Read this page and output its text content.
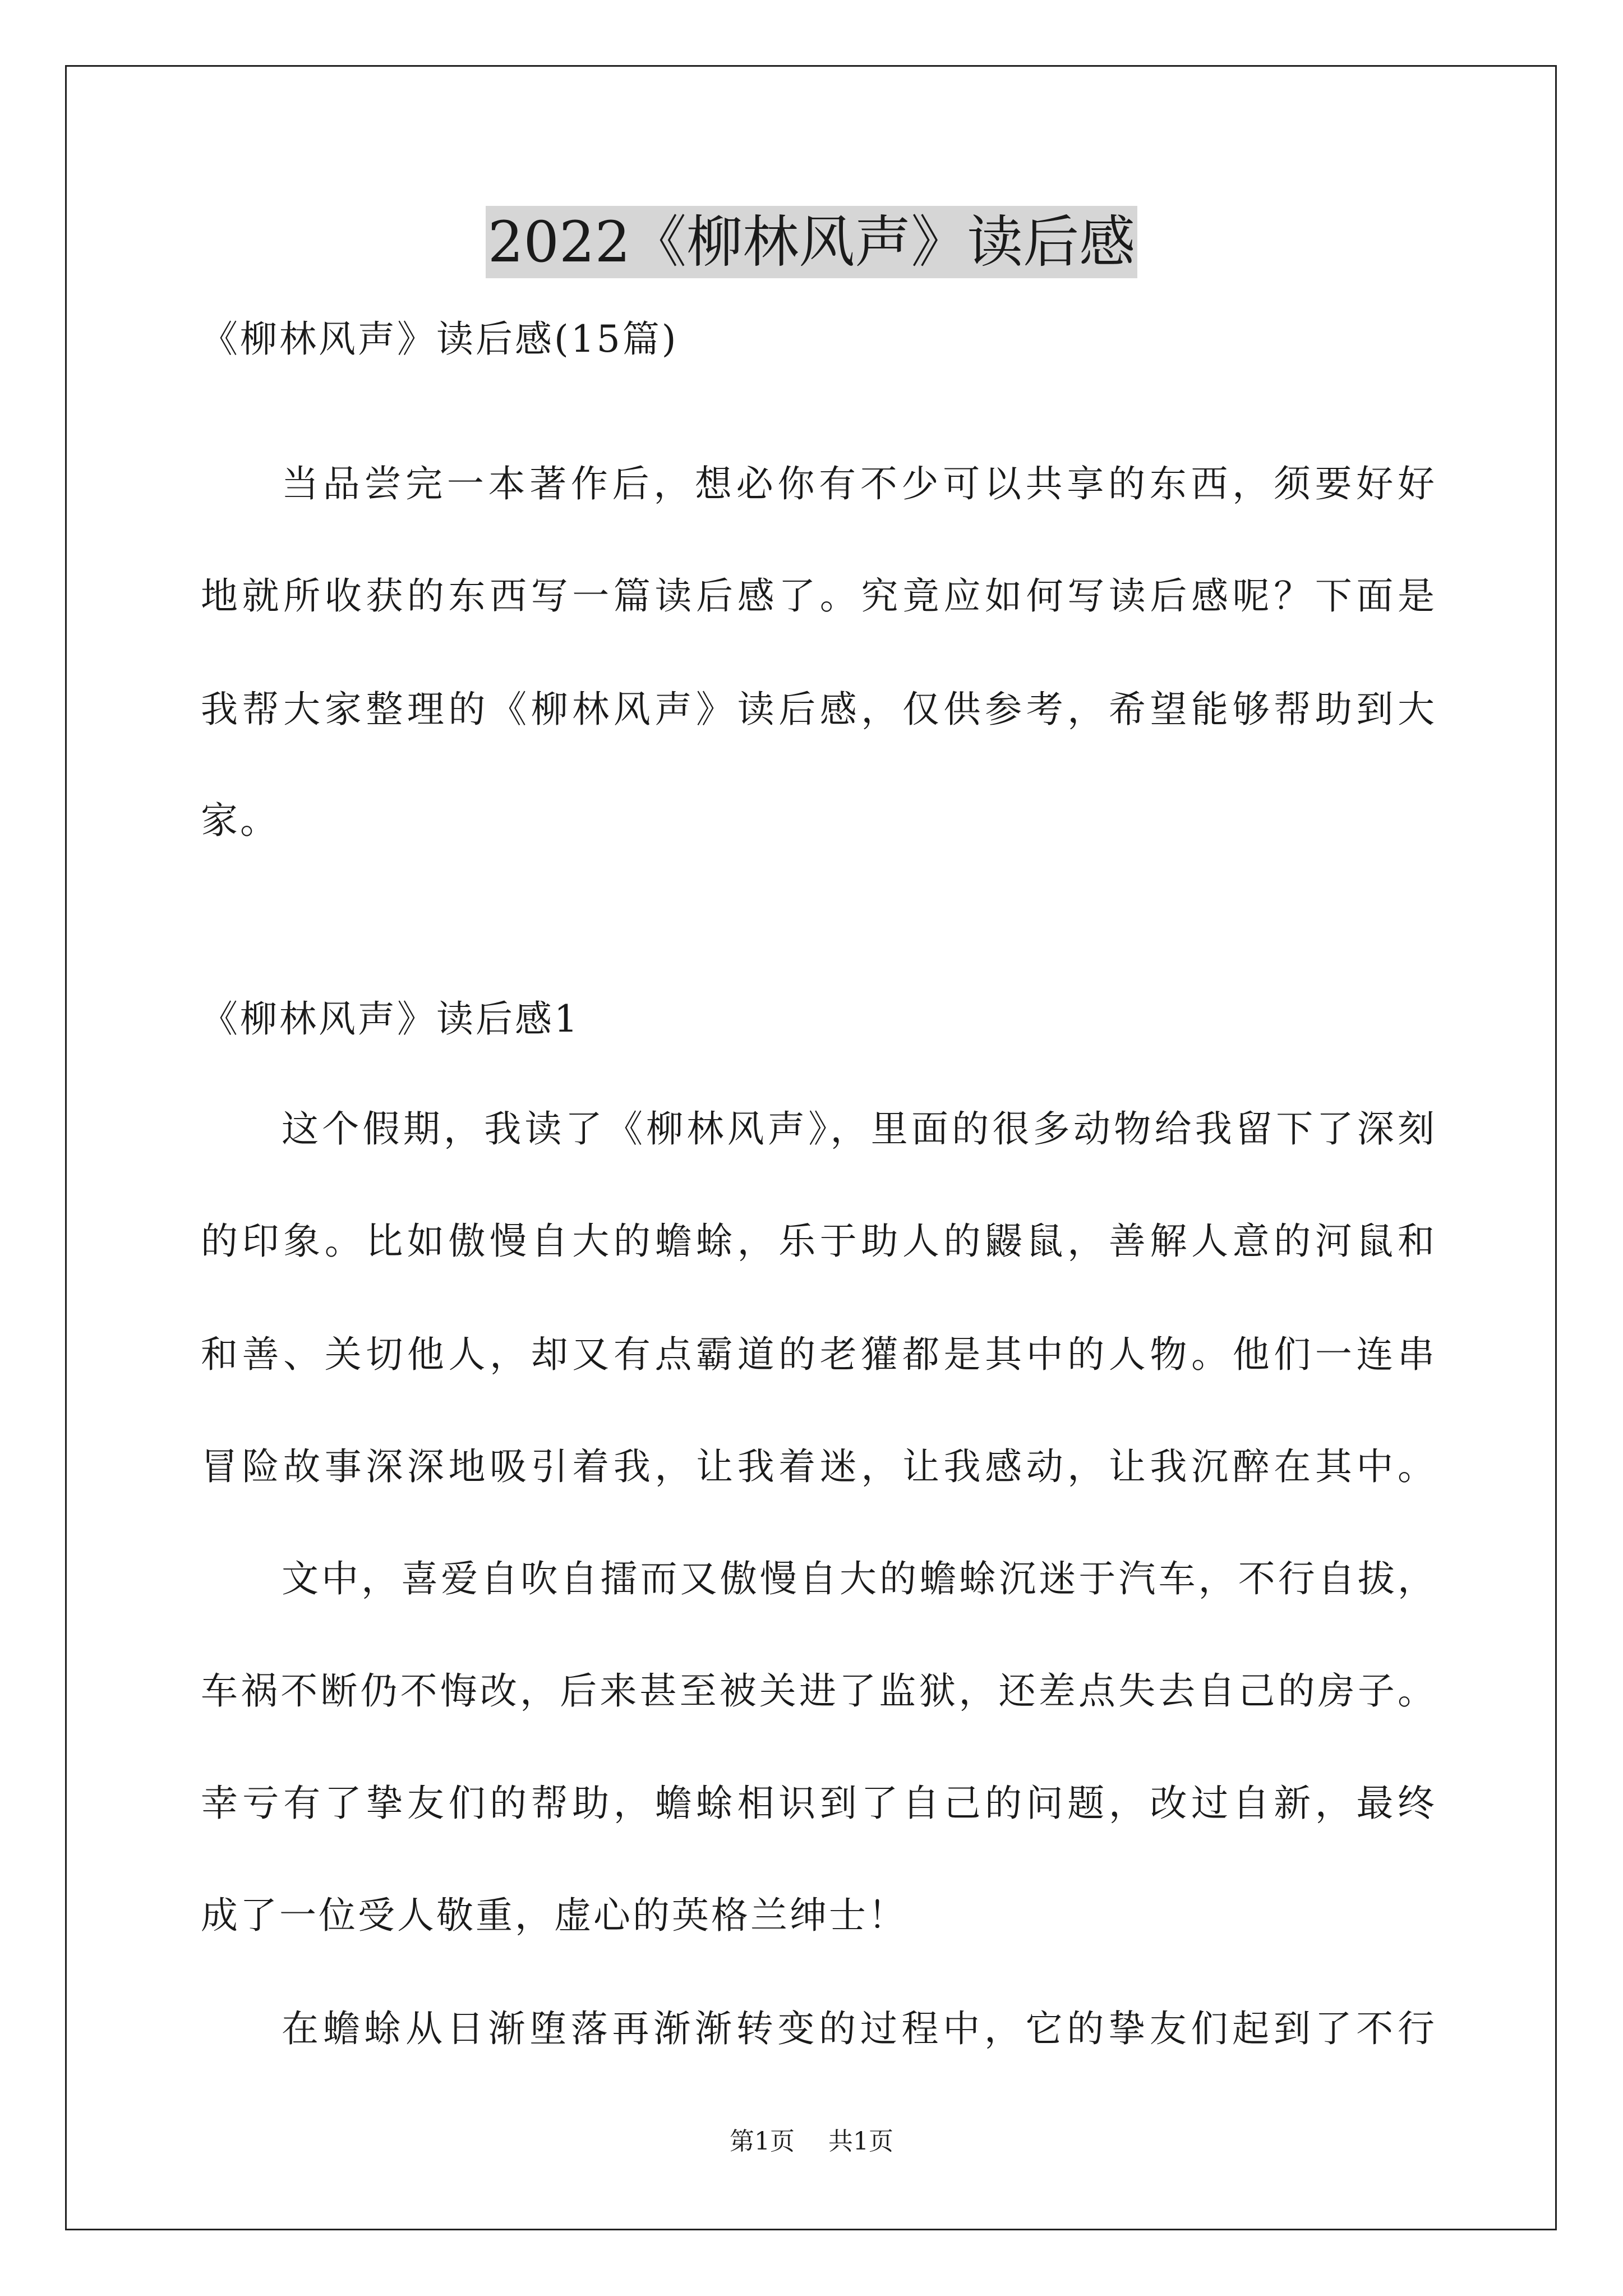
2022《柳林风声》读后感

《柳林风声》读后感(15篇)

当品尝完一本著作后，想必你有不少可以共享的东西，须要好好

地就所收获的东西写一篇读后感了。究竟应如何写读后感呢？下面是

我帮大家整理的《柳林风声》读后感，仅供参考，希望能够帮助到大

家。

《柳林风声》读后感1

这个假期，我读了《柳林风声》，里面的很多动物给我留下了深刻

的印象。比如傲慢自大的蟾蜍，乐于助人的鼹鼠，善解人意的河鼠和

和善、关切他人，却又有点霸道的老獾都是其中的人物。他们一连串

冒险故事深深地吸引着我，让我着迷，让我感动，让我沉醉在其中。

文中，喜爱自吹自擂而又傲慢自大的蟾蜍沉迷于汽车，不行自拔，

车祸不断仍不悔改，后来甚至被关进了监狱，还差点失去自己的房子。

幸亏有了挚友们的帮助，蟾蜍相识到了自己的问题，改过自新，最终

成了一位受人敬重，虚心的英格兰绅士！

在蟾蜍从日渐堕落再渐渐转变的过程中，它的挚友们起到了不行

第1页 共1页
